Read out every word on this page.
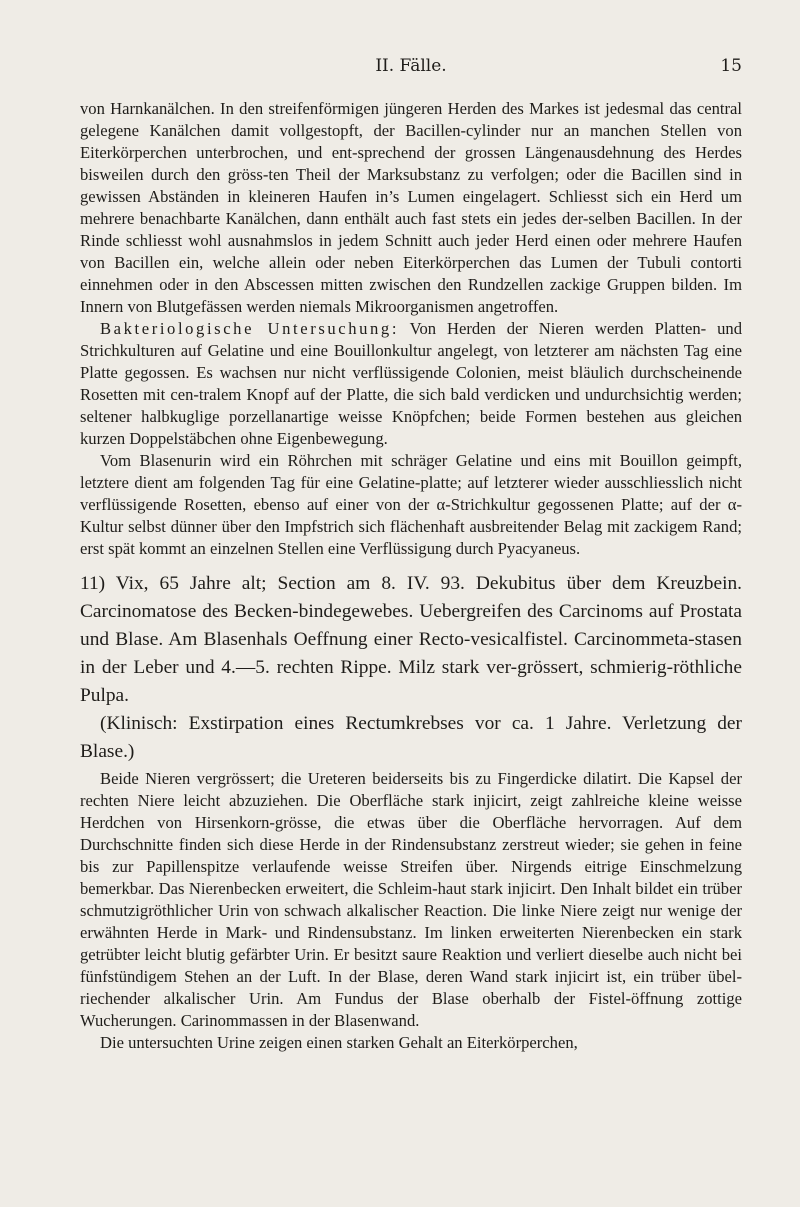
II. Fälle.	15

von Harnkanälchen. In den streifenförmigen jüngeren Herden des Markes ist jedesmal das central gelegene Kanälchen damit vollgestopft, der Bacillen-cylinder nur an manchen Stellen von Eiterkörperchen unterbrochen, und ent-sprechend der grossen Längenausdehnung des Herdes bisweilen durch den gröss-ten Theil der Marksubstanz zu verfolgen; oder die Bacillen sind in gewissen Abständen in kleineren Haufen in’s Lumen eingelagert. Schliesst sich ein Herd um mehrere benachbarte Kanälchen, dann enthält auch fast stets ein jedes der-selben Bacillen. In der Rinde schliesst wohl ausnahmslos in jedem Schnitt auch jeder Herd einen oder mehrere Haufen von Bacillen ein, welche allein oder neben Eiterkörperchen das Lumen der Tubuli contorti einnehmen oder in den Abscessen mitten zwischen den Rundzellen zackige Gruppen bilden. Im Innern von Blutgefässen werden niemals Mikroorganismen angetroffen.

Bakteriologische Untersuchung: Von Herden der Nieren werden Platten- und Strichkulturen auf Gelatine und eine Bouillonkultur angelegt, von letzterer am nächsten Tag eine Platte gegossen. Es wachsen nur nicht verflüssigende Colonien, meist bläulich durchscheinende Rosetten mit cen-tralem Knopf auf der Platte, die sich bald verdicken und undurchsichtig werden; seltener halbkuglige porzellanartige weisse Knöpfchen; beide Formen bestehen aus gleichen kurzen Doppelstäbchen ohne Eigenbewegung.

Vom Blasenurin wird ein Röhrchen mit schräger Gelatine und eins mit Bouillon geimpft, letztere dient am folgenden Tag für eine Gelatine-platte; auf letzterer wieder ausschliesslich nicht verflüssigende Rosetten, ebenso auf einer von der α-Strichkultur gegossenen Platte; auf der α-Kultur selbst dünner über den Impfstrich sich flächenhaft ausbreitender Belag mit zackigem Rand; erst spät kommt an einzelnen Stellen eine Verflüssigung durch Pyacyaneus.

11) Vix, 65 Jahre alt; Section am 8. IV. 93. Dekubitus über dem Kreuzbein. Carcinomatose des Becken-bindegewebes. Uebergreifen des Carcinoms auf Prostata und Blase. Am Blasenhals Oeffnung einer Recto-vesicalfistel. Carcinommeta-stasen in der Leber und 4.—5. rechten Rippe. Milz stark ver-grössert, schmierig-röthliche Pulpa.

(Klinisch: Exstirpation eines Rectumkrebses vor ca. 1 Jahre. Verletzung der Blase.)

Beide Nieren vergrössert; die Ureteren beiderseits bis zu Fingerdicke dilatirt. Die Kapsel der rechten Niere leicht abzuziehen. Die Oberfläche stark injicirt, zeigt zahlreiche kleine weisse Herdchen von Hirsenkorn-grösse, die etwas über die Oberfläche hervorragen. Auf dem Durchschnitte finden sich diese Herde in der Rindensubstanz zerstreut wieder; sie gehen in feine bis zur Papillenspitze verlaufende weisse Streifen über. Nirgends eitrige Einschmelzung bemerkbar. Das Nierenbecken erweitert, die Schleim-haut stark injicirt. Den Inhalt bildet ein trüber schmutzigröthlicher Urin von schwach alkalischer Reaction. Die linke Niere zeigt nur wenige der erwähnten Herde in Mark- und Rindensubstanz. Im linken erweiterten Nierenbecken ein stark getrübter leicht blutig gefärbter Urin. Er besitzt saure Reaktion und verliert dieselbe auch nicht bei fünfstündigem Stehen an der Luft. In der Blase, deren Wand stark injicirt ist, ein trüber übel-riechender alkalischer Urin. Am Fundus der Blase oberhalb der Fistel-öffnung zottige Wucherungen. Carinommassen in der Blasenwand.

Die untersuchten Urine zeigen einen starken Gehalt an Eiterkörperchen,
